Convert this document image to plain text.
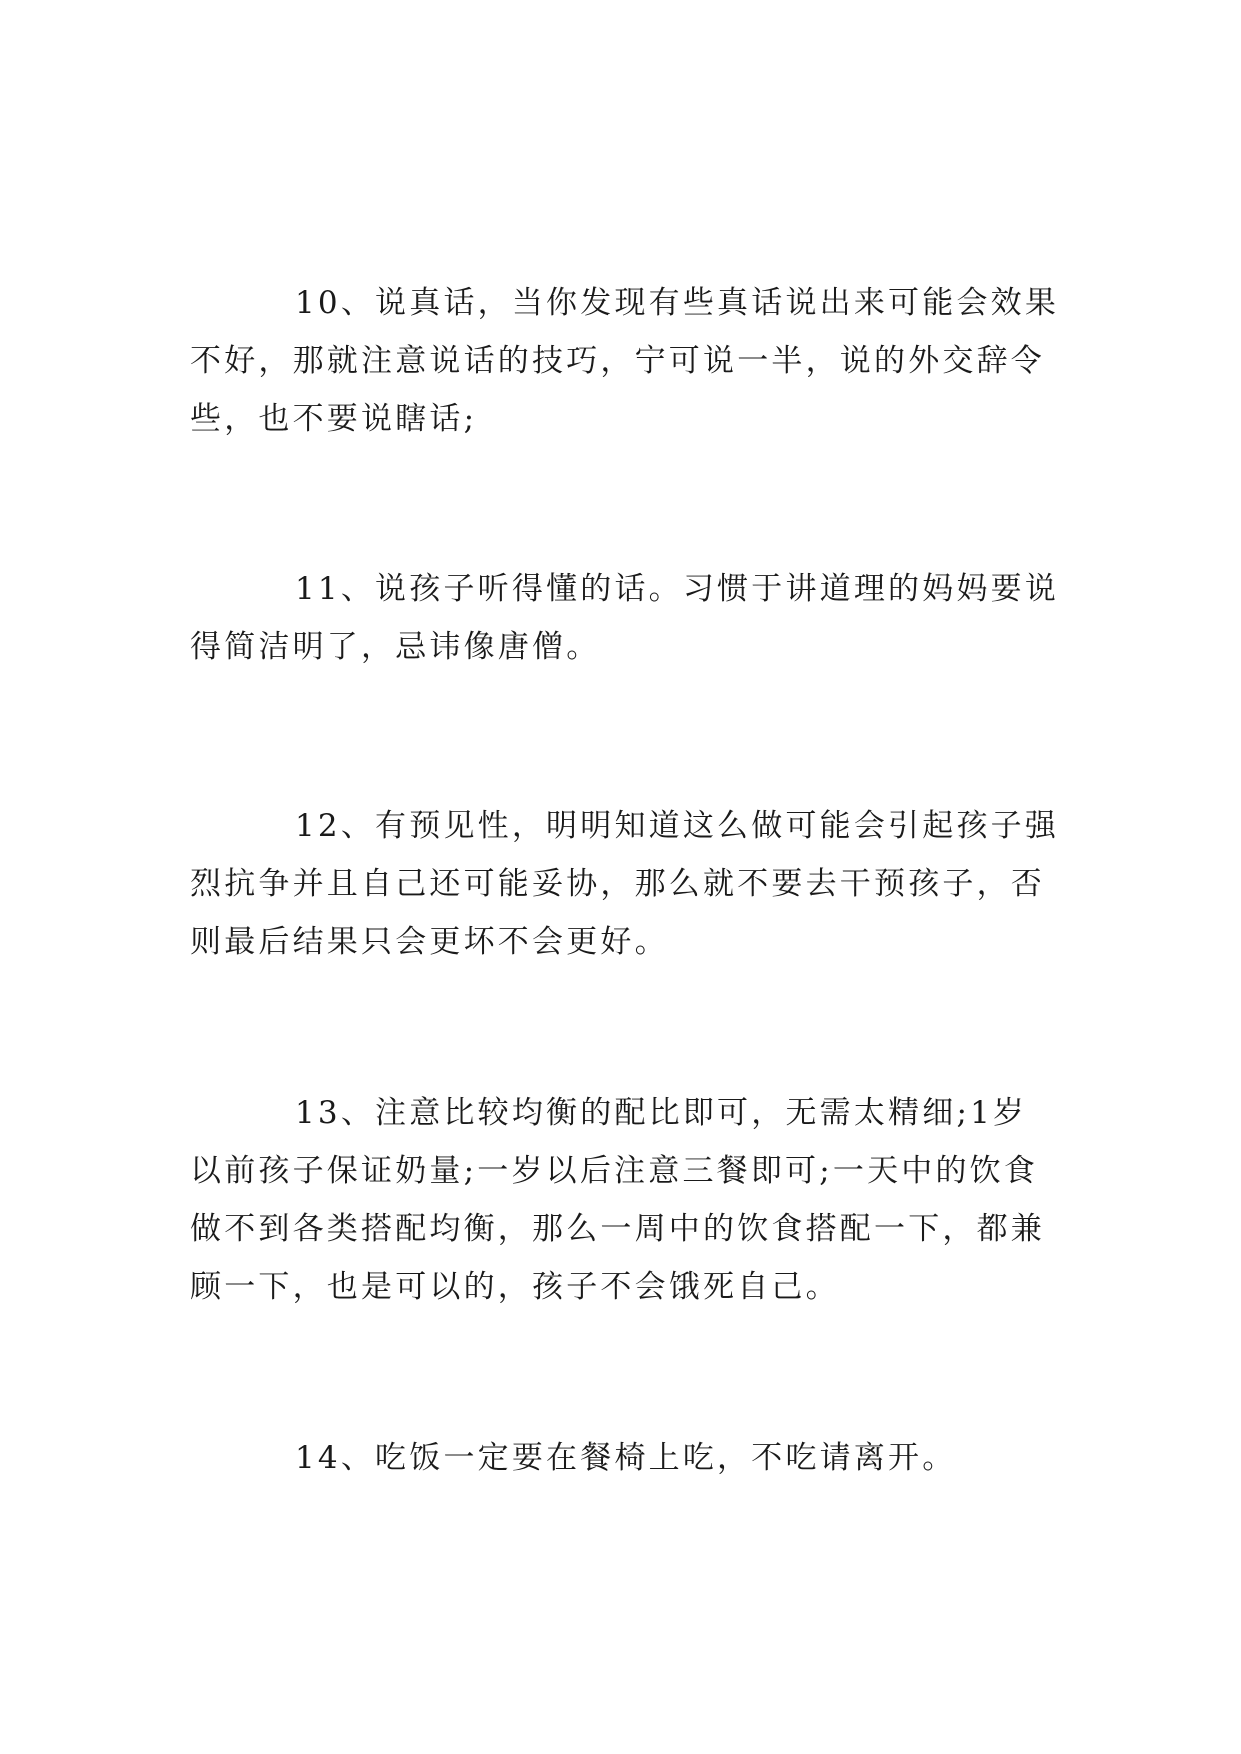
10、说真话，当你发现有些真话说出来可能会效果不好，那就注意说话的技巧，宁可说一半，说的外交辞令些，也不要说瞎话;

11、说孩子听得懂的话。习惯于讲道理的妈妈要说得简洁明了，忌讳像唐僧。

12、有预见性，明明知道这么做可能会引起孩子强烈抗争并且自己还可能妥协，那么就不要去干预孩子，否则最后结果只会更坏不会更好。

13、注意比较均衡的配比即可，无需太精细;1岁以前孩子保证奶量;一岁以后注意三餐即可;一天中的饮食做不到各类搭配均衡，那么一周中的饮食搭配一下，都兼顾一下，也是可以的，孩子不会饿死自己。

14、吃饭一定要在餐椅上吃，不吃请离开。
